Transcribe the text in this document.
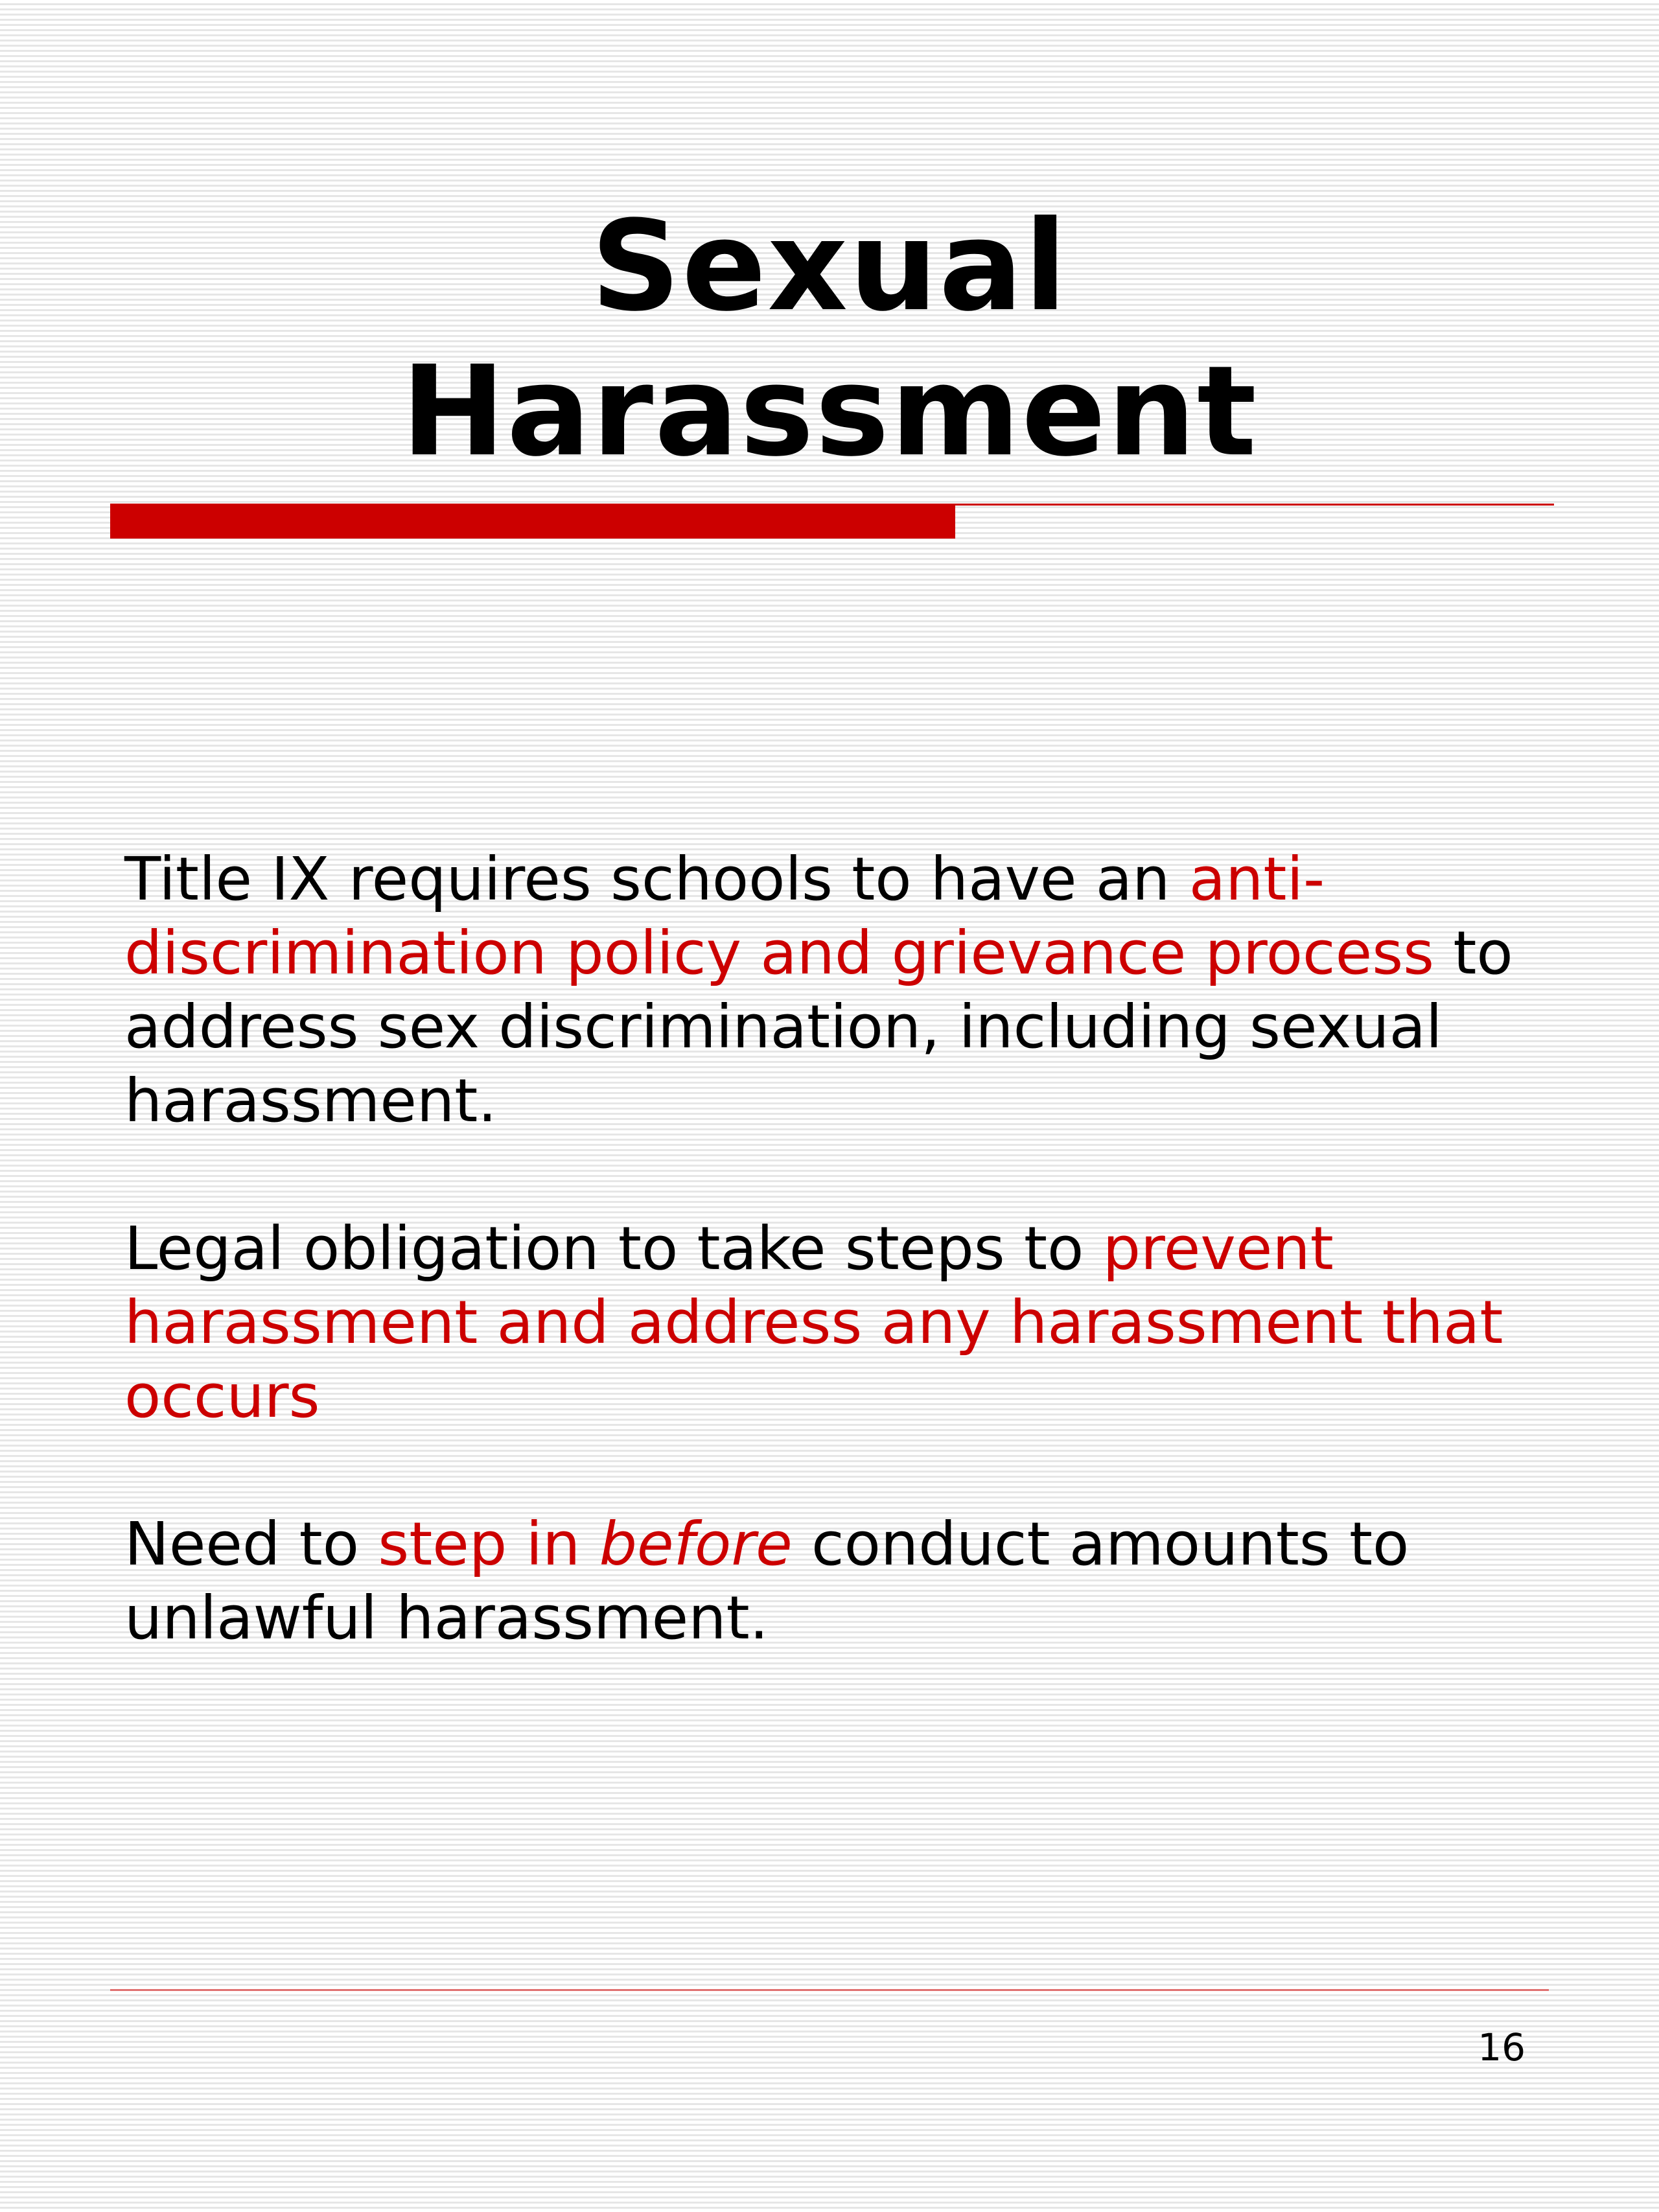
Sexual
Harassment

Title IX requires schools to have an anti-discrimination policy and grievance process to address sex discrimination, including sexual harassment.

Legal obligation to take steps to prevent harassment and address any harassment that occurs

Need to step in before conduct amounts to unlawful harassment.

16
